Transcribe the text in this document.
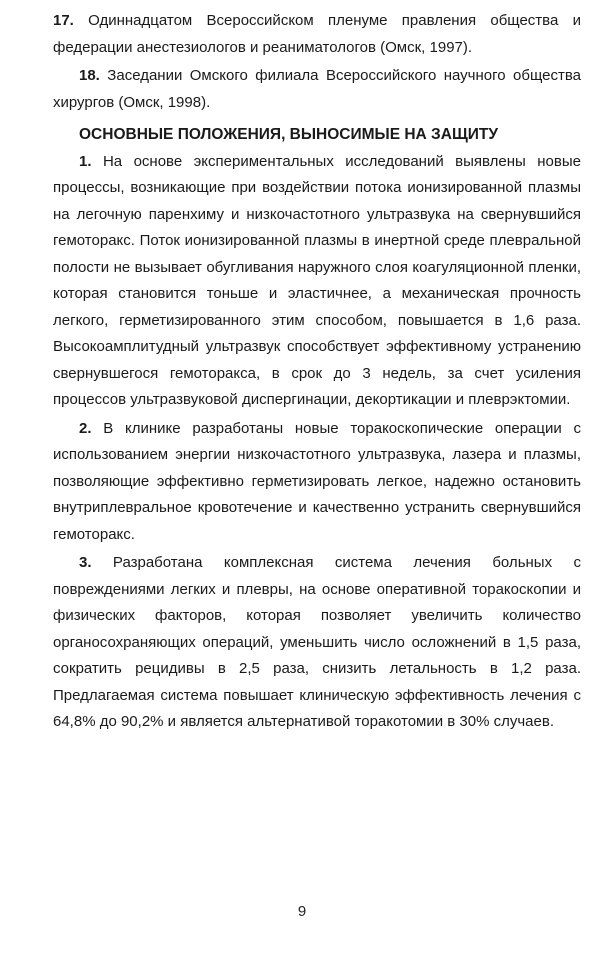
17. Одиннадцатом Всероссийском пленуме правления общества и федерации анестезиологов и реаниматологов (Омск, 1997).

18. Заседании Омского филиала Всероссийского научного общества хирургов (Омск, 1998).

ОСНОВНЫЕ ПОЛОЖЕНИЯ, ВЫНОСИМЫЕ НА ЗАЩИТУ

1. На основе экспериментальных исследований выявлены новые процессы, возникающие при воздействии потока ионизированной плазмы на легочную паренхиму и низкочастотного ультразвука на свернувшийся гемоторакс. Поток ионизированной плазмы в инертной среде плевральной полости не вызывает обугливания наружного слоя коагуляционной пленки, которая становится тоньше и эластичнее, а механическая прочность легкого, герметизированного этим способом, повышается в 1,6 раза. Высокоамплитудный ультразвук способствует эффективному устранению свернувшегося гемоторакса, в срок до 3 недель, за счет усиления процессов ультразвуковой диспергинации, декортикации и плеврэктомии.

2. В клинике разработаны новые торакоскопические операции с использованием энергии низкочастотного ультразвука, лазера и плазмы, позволяющие эффективно герметизировать легкое, надежно остановить внутриплевральное кровотечение и качественно устранить свернувшийся гемоторакс.

3. Разработана комплексная система лечения больных с повреждениями легких и плевры, на основе оперативной торакоскопии и физических факторов, которая позволяет увеличить количество органосохраняющих операций, уменьшить число осложнений в 1,5 раза, сократить рецидивы в 2,5 раза, снизить летальность в 1,2 раза. Предлагаемая система повышает клиническую эффективность лечения с 64,8% до 90,2% и является альтернативой торакотомии в 30% случаев.

9
